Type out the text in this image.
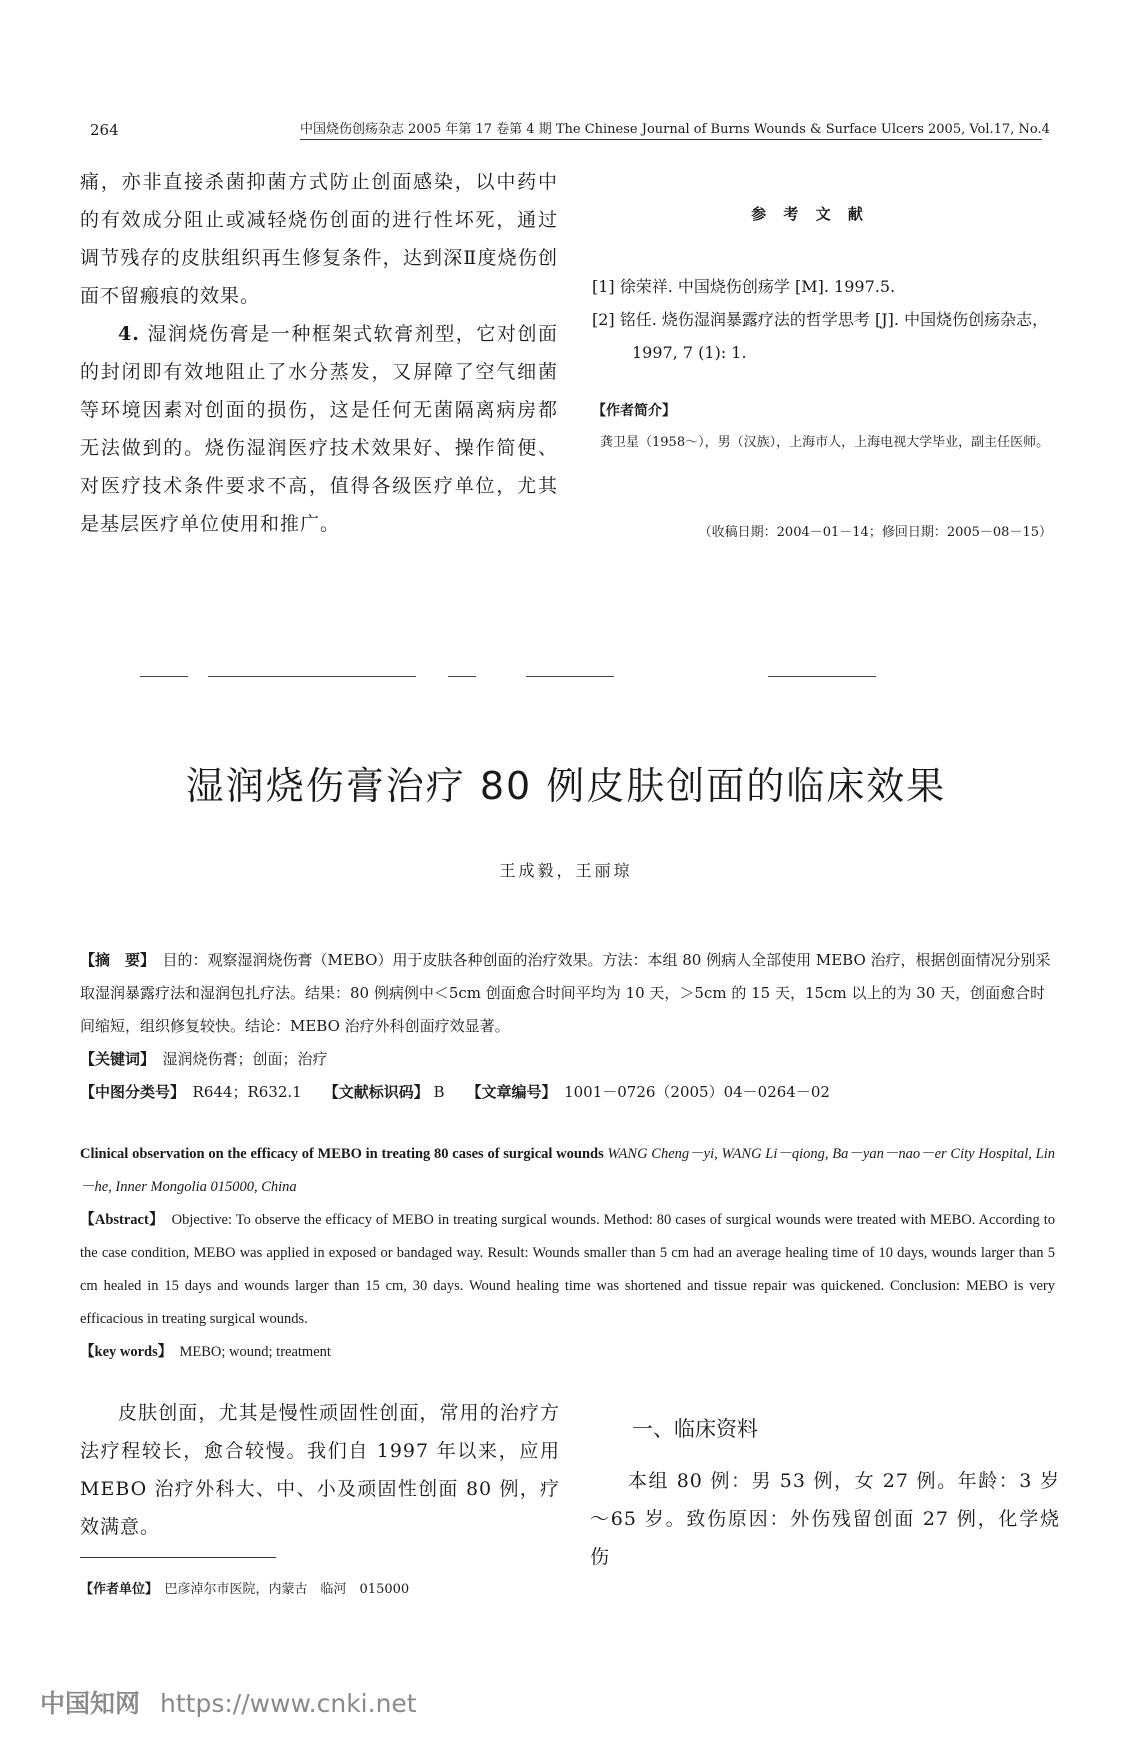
264	中国烧伤创疡杂志 2005 年第 17 卷第 4 期 The Chinese Journal of Burns Wounds & Surface Ulcers 2005, Vol.17, No.4

痛，亦非直接杀菌抑菌方式防止创面感染，以中药中的有效成分阻止或减轻烧伤创面的进行性坏死，通过调节残存的皮肤组织再生修复条件，达到深Ⅱ度烧伤创面不留瘢痕的效果。

4. 湿润烧伤膏是一种框架式软膏剂型，它对创面的封闭即有效地阻止了水分蒸发，又屏障了空气细菌等环境因素对创面的损伤，这是任何无菌隔离病房都无法做到的。烧伤湿润医疗技术效果好、操作简便、对医疗技术条件要求不高，值得各级医疗单位，尤其是基层医疗单位使用和推广。

参 考 文 献
[1] 徐荣祥. 中国烧伤创疡学 [M]. 1997.5.
[2] 铭任. 烧伤湿润暴露疗法的哲学思考 [J]. 中国烧伤创疡杂志，1997, 7 (1): 1.
【作者简介】
龚卫星（1958～），男（汉族），上海市人，上海电视大学毕业，副主任医师。
（收稿日期：2004－01－14；修回日期：2005－08－15）
湿润烧伤膏治疗 80 例皮肤创面的临床效果
王成毅，王丽琼

【摘　要】　 目的：观察湿润烧伤膏（MEBO）用于皮肤各种创面的治疗效果。方法：本组 80 例病人全部使用 MEBO 治疗，根据创面情况分别采取湿润暴露疗法和湿润包扎疗法。结果：80 例病例中＜5cm 创面愈合时间平均为 10 天，＞5cm 的 15 天，15cm 以上的为 30 天，创面愈合时间缩短，组织修复较快。结论：MEBO 治疗外科创面疗效显著。

【关键词】　 湿润烧伤膏；创面；治疗

【中图分类号】　 R644；R632.1 【文献标识码】 B 【文章编号】　 1001－0726（2005）04－0264－02

Clinical observation on the efficacy of MEBO in treating 80 cases of surgical wounds WANG Cheng－yi, WANG Li－qiong, Ba－yan－nao－er City Hospital, Lin－he, Inner Mongolia 015000, China

【Abstract】　 Objective: To observe the efficacy of MEBO in treating surgical wounds. Method: 80 cases of surgical wounds were treated with MEBO. According to the case condition, MEBO was applied in exposed or bandaged way. Result: Wounds smaller than 5 cm had an average healing time of 10 days, wounds larger than 5 cm healed in 15 days and wounds larger than 15 cm, 30 days. Wound healing time was shortened and tissue repair was quickened. Conclusion: MEBO is very efficacious in treating surgical wounds.

【key words】　 MEBO; wound; treatment

皮肤创面，尤其是慢性顽固性创面，常用的治疗方法疗程较长，愈合较慢。我们自 1997 年以来，应用 MEBO 治疗外科大、中、小及顽固性创面 80 例，疗效满意。

一、临床资料

本组 80 例：男 53 例，女 27 例。年龄：3 岁～65 岁。致伤原因：外伤残留创面 27 例，化学烧伤

【作者单位】　 巴彦淖尔市医院，内蒙古　临河　015000
中国知网 https://www.cnki.net
